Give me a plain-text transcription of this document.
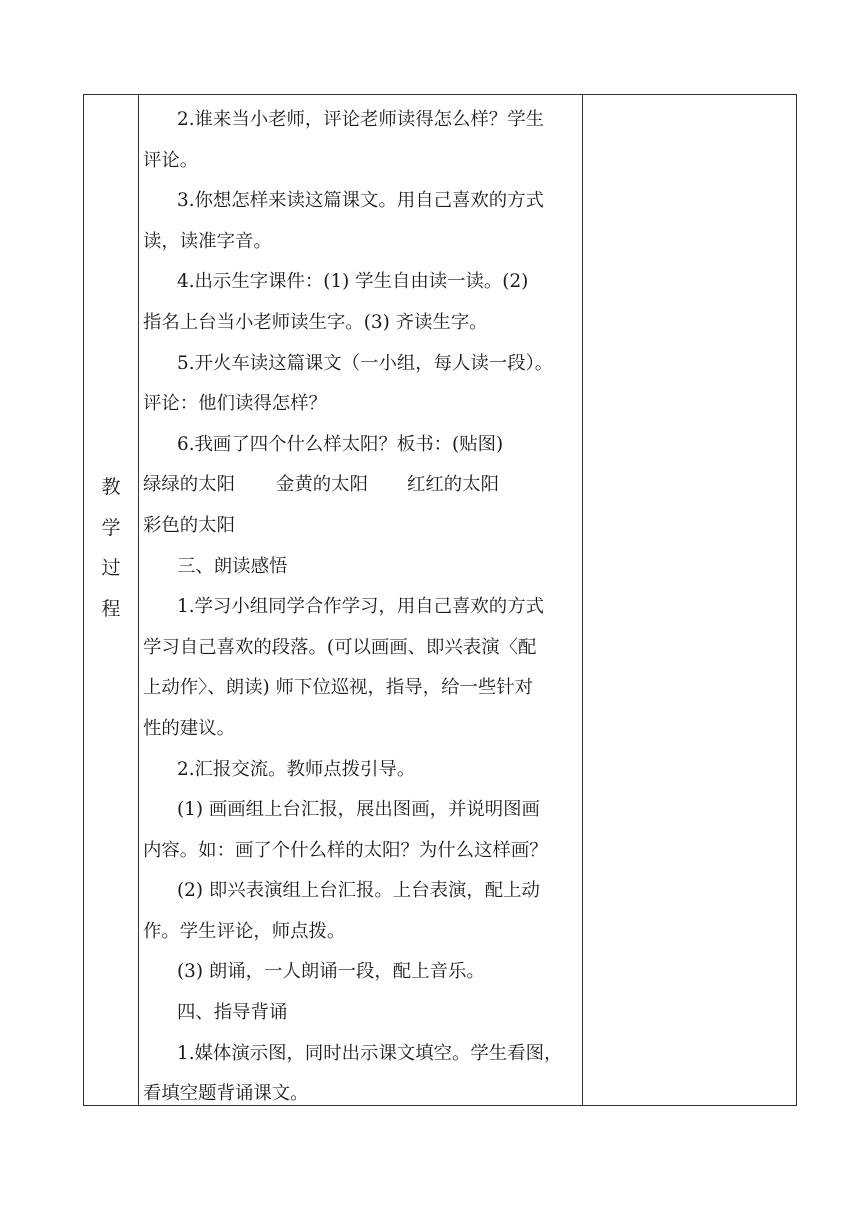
教
学
过
程
2.谁来当小老师，评论老师读得怎么样？学生
评论。
3.你想怎样来读这篇课文。用自己喜欢的方式
读，读准字音。
4.出示生字课件：(1) 学生自由读一读。(2)
指名上台当小老师读生字。(3) 齐读生字。
5.开火车读这篇课文（一小组，每人读一段）。
评论：他们读得怎样？
6.我画了四个什么样太阳？板书：(贴图)
绿绿的太阳 金黄的太阳 红红的太阳
彩色的太阳
三、朗读感悟
1.学习小组同学合作学习，用自己喜欢的方式
学习自己喜欢的段落。(可以画画、即兴表演〈配
上动作〉、朗读) 师下位巡视，指导，给一些针对
性的建议。
2.汇报交流。教师点拨引导。
(1) 画画组上台汇报，展出图画，并说明图画
内容。如：画了个什么样的太阳？为什么这样画？
(2) 即兴表演组上台汇报。上台表演，配上动
作。学生评论，师点拨。
(3) 朗诵，一人朗诵一段，配上音乐。
四、指导背诵
1.媒体演示图，同时出示课文填空。学生看图，
看填空题背诵课文。
